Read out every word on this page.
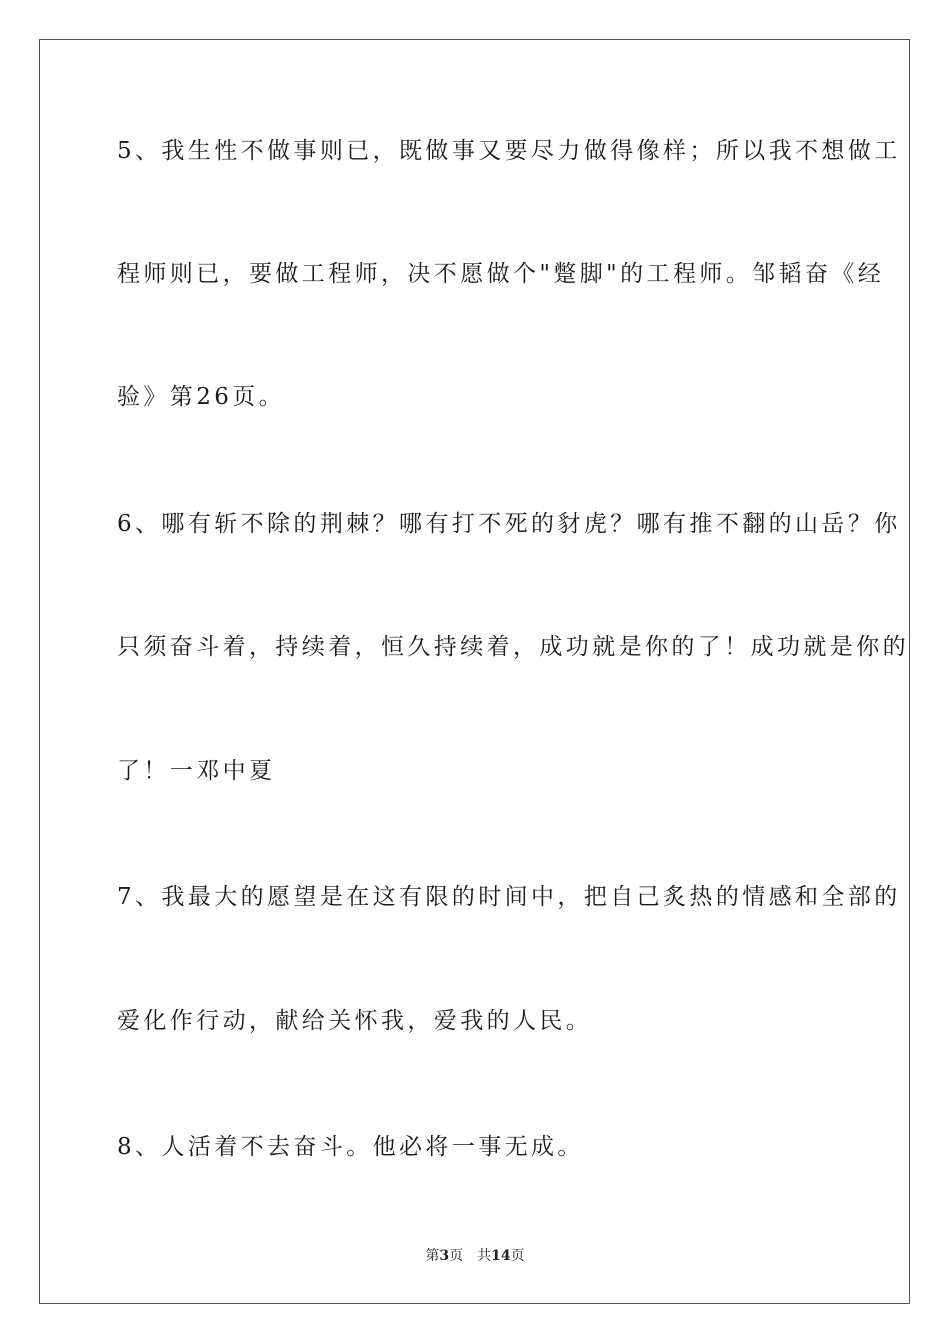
5、我生性不做事则已，既做事又要尽力做得像样；所以我不想做工
程师则已，要做工程师，决不愿做个"蹩脚"的工程师。邹韬奋《经
验》第26页。
6、哪有斩不除的荆棘？哪有打不死的豺虎？哪有推不翻的山岳？你
只须奋斗着，持续着，恒久持续着，成功就是你的了！成功就是你的
了！一邓中夏
7、我最大的愿望是在这有限的时间中，把自己炙热的情感和全部的
爱化作行动，献给关怀我，爱我的人民。
8、人活着不去奋斗。他必将一事无成。
第3页 共14页
